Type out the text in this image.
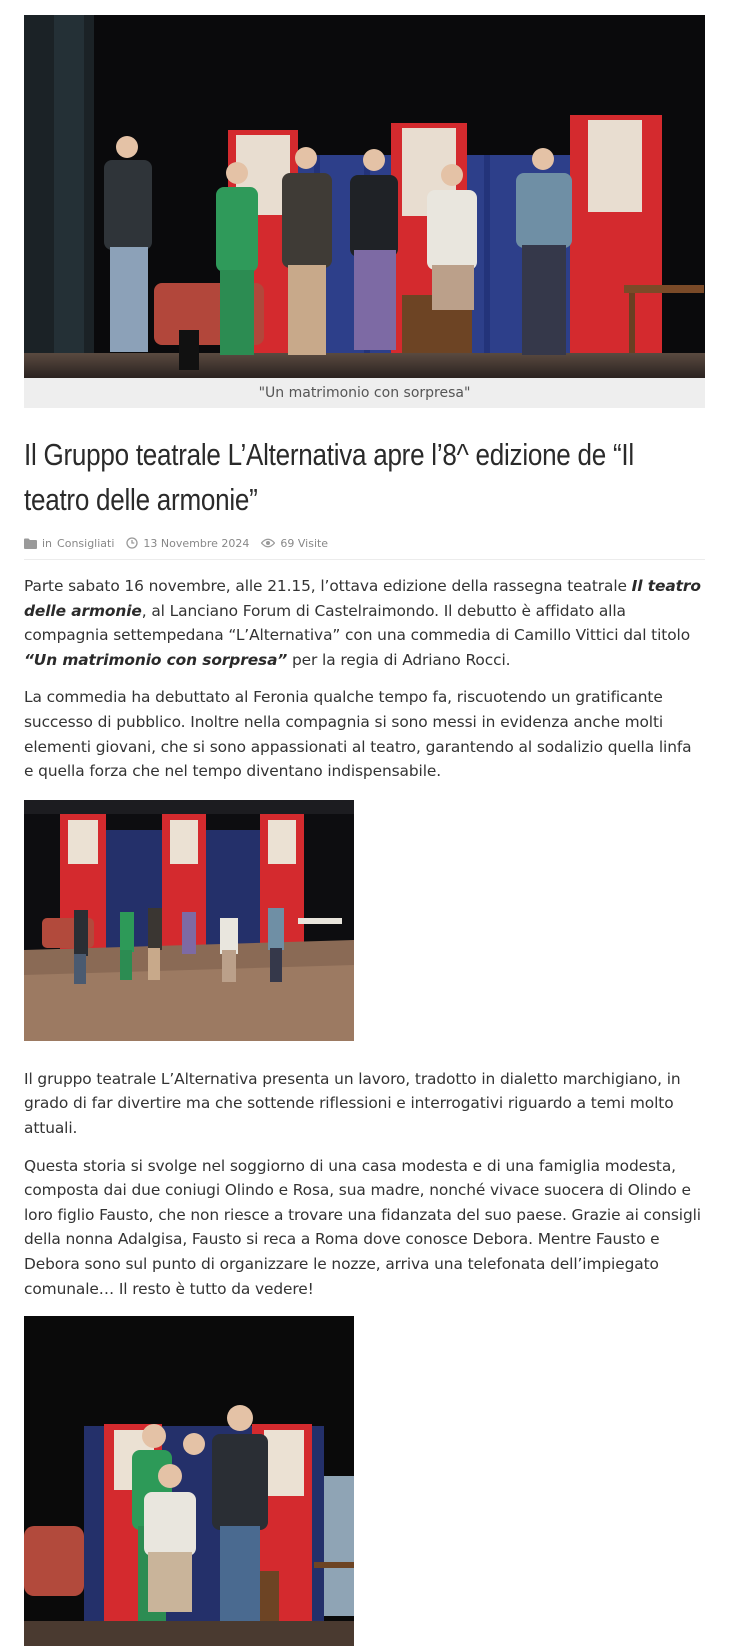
"Un matrimonio con sorpresa"
Il Gruppo teatrale L’Alternativa apre l’8^ edizione de “Il teatro delle armonie”
in Consigliati	13 Novembre 2024	69 Visite

Parte sabato 16 novembre, alle 21.15, l’ottava edizione della rassegna teatrale Il teatro delle armonie, al Lanciano Forum di Castelraimondo. Il debutto è affidato alla compagnia settempedana “L’Alternativa” con una commedia di Camillo Vittici dal titolo “Un matrimonio con sorpresa” per la regia di Adriano Rocci.

La commedia ha debuttato al Feronia qualche tempo fa, riscuotendo un gratificante successo di pubblico. Inoltre nella compagnia si sono messi in evidenza anche molti elementi giovani, che si sono appassionati al teatro, garantendo al sodalizio quella linfa e quella forza che nel tempo diventano indispensabile.

Il gruppo teatrale L’Alternativa presenta un lavoro, tradotto in dialetto marchigiano, in grado di far divertire ma che sottende riflessioni e interrogativi riguardo a temi molto attuali.

Questa storia si svolge nel soggiorno di una casa modesta e di una famiglia modesta, composta dai due coniugi Olindo e Rosa, sua madre, nonché vivace suocera di Olindo e loro figlio Fausto, che non riesce a trovare una fidanzata del suo paese. Grazie ai consigli della nonna Adalgisa, Fausto si reca a Roma dove conosce Debora. Mentre Fausto e Debora sono sul punto di organizzare le nozze, arriva una telefonata dell’impiegato comunale… Il resto è tutto da vedere!
